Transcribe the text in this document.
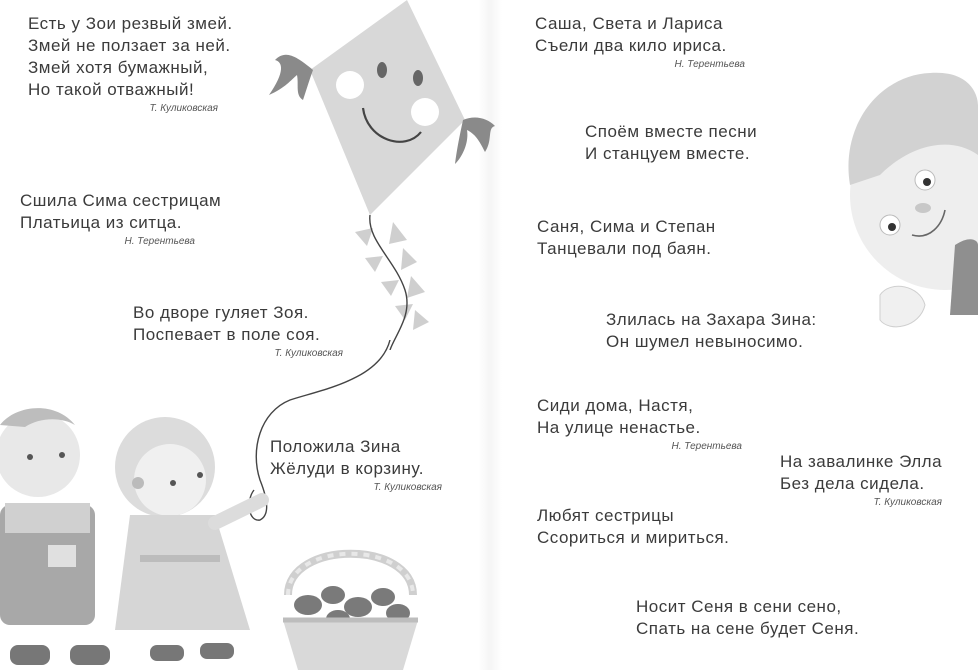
Есть у Зои резвый змей.
Змей не ползает за ней.
Змей хотя бумажный,
Но такой отважный!
Т. Куликовская
Сшила Сима сестрицам
Платьица из ситца.
Н. Терентьева
Во дворе гуляет Зоя.
Поспевает в поле соя.
Т. Куликовская
Положила Зина
Жёлуди в корзину.
Т. Куликовская
Саша, Света и Лариса
Съели два кило ириса.
Н. Терентьева
Споём вместе песни
И станцуем вместе.
Саня, Сима и Степан
Танцевали под баян.
Злилась на Захара Зина:
Он шумел невыносимо.
Сиди дома, Настя,
На улице ненастье.
Н. Терентьева
На завалинке Элла
Без дела сидела.
Т. Куликовская
Любят сестрицы
Ссориться и мириться.
Носит Сеня в сени сено,
Спать на сене будет Сеня.
